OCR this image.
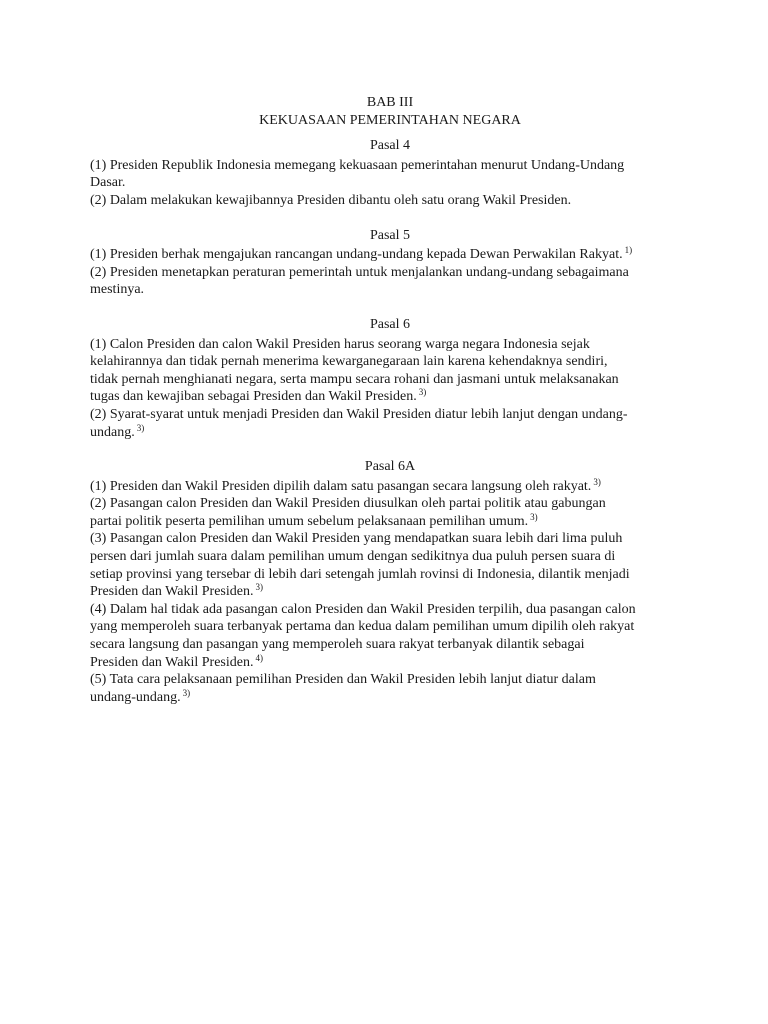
BAB III
KEKUASAAN PEMERINTAHAN NEGARA
Pasal 4
(1) Presiden Republik Indonesia memegang kekuasaan pemerintahan menurut Undang-Undang
Dasar.
(2) Dalam melakukan kewajibannya Presiden dibantu oleh satu orang Wakil Presiden.
Pasal 5
(1) Presiden berhak mengajukan rancangan undang-undang kepada Dewan Perwakilan Rakyat. $^{1)}$
(2) Presiden menetapkan peraturan pemerintah untuk menjalankan undang-undang sebagaimana
mestinya.
Pasal 6
(1) Calon Presiden dan calon Wakil Presiden harus seorang warga negara Indonesia sejak
kelahirannya dan tidak pernah menerima kewarganegaraan lain karena kehendaknya sendiri,
tidak pernah menghianati negara, serta mampu secara rohani dan jasmani untuk melaksanakan
tugas dan kewajiban sebagai Presiden dan Wakil Presiden. $^{3)}$
(2) Syarat-syarat untuk menjadi Presiden dan Wakil Presiden diatur lebih lanjut dengan undang-
undang. $^{3)}$
Pasal 6A
(1) Presiden dan Wakil Presiden dipilih dalam satu pasangan secara langsung oleh rakyat. $^{3)}$
(2) Pasangan calon Presiden dan Wakil Presiden diusulkan oleh partai politik atau gabungan
partai politik peserta pemilihan umum sebelum pelaksanaan pemilihan umum. $^{3)}$
(3) Pasangan calon Presiden dan Wakil Presiden yang mendapatkan suara lebih dari lima puluh
persen dari jumlah suara dalam pemilihan umum dengan sedikitnya dua puluh persen suara di
setiap provinsi yang tersebar di lebih dari setengah jumlah rovinsi di Indonesia, dilantik menjadi
Presiden dan Wakil Presiden. $^{3)}$
(4) Dalam hal tidak ada pasangan calon Presiden dan Wakil Presiden terpilih, dua pasangan calon
yang memperoleh suara terbanyak pertama dan kedua dalam pemilihan umum dipilih oleh rakyat
secara langsung dan pasangan yang memperoleh suara rakyat terbanyak dilantik sebagai
Presiden dan Wakil Presiden. $^{4)}$
(5) Tata cara pelaksanaan pemilihan Presiden dan Wakil Presiden lebih lanjut diatur dalam
undang-undang. $^{3)}$
